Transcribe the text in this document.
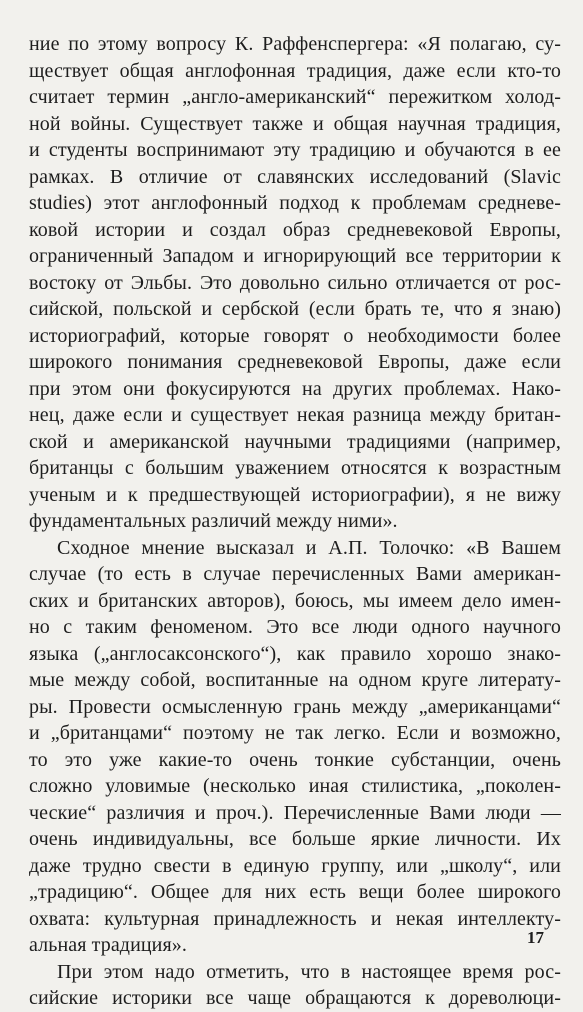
ние по этому вопросу К. Раффенспергера: «Я полагаю, су-
ществует общая англофонная традиция, даже если кто-то
считает термин „англо-американский“ пережитком холод-
ной войны. Существует также и общая научная традиция,
и студенты воспринимают эту традицию и обучаются в ее
рамках. В отличие от славянских исследований (Slavic
studies) этот англофонный подход к проблемам средневе-
ковой истории и создал образ средневековой Европы,
ограниченный Западом и игнорирующий все территории к
востоку от Эльбы. Это довольно сильно отличается от рос-
сийской, польской и сербской (если брать те, что я знаю)
историографий, которые говорят о необходимости более
широкого понимания средневековой Европы, даже если
при этом они фокусируются на других проблемах. Нако-
нец, даже если и существует некая разница между британ-
ской и американской научными традициями (например,
британцы с большим уважением относятся к возрастным
ученым и к предшествующей историографии), я не вижу
фундаментальных различий между ними».
Сходное мнение высказал и А.П. Толочко: «В Вашем
случае (то есть в случае перечисленных Вами американ-
ских и британских авторов), боюсь, мы имеем дело имен-
но с таким феноменом. Это все люди одного научного
языка („англосаксонского“), как правило хорошо знако-
мые между собой, воспитанные на одном круге литерату-
ры. Провести осмысленную грань между „американцами“
и „британцами“ поэтому не так легко. Если и возможно,
то это уже какие-то очень тонкие субстанции, очень
сложно уловимые (несколько иная стилистика, „поколен-
ческие“ различия и проч.). Перечисленные Вами люди —
очень индивидуальны, все больше яркие личности. Их
даже трудно свести в единую группу, или „школу“, или
„традицию“. Общее для них есть вещи более широкого
охвата: культурная принадлежность и некая интеллекту-
альная традиция».
При этом надо отметить, что в настоящее время рос-
сийские историки все чаще обращаются к дореволюци-
17
